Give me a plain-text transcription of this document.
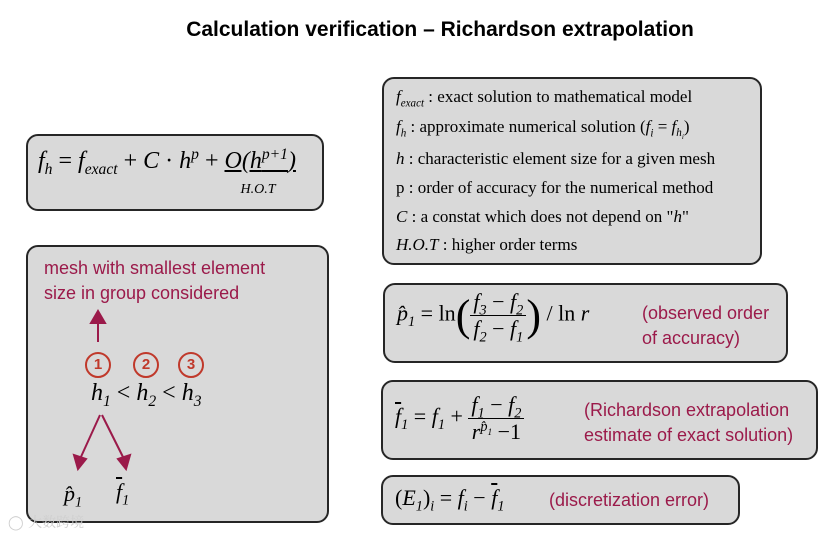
Calculation verification – Richardson extrapolation
$f_h = f_{exact} + C \cdot h^p + O(h^{p+1})$
H.O.T
$f_{exact}$ : exact solution to mathematical model
$f_h$ : approximate numerical solution $(f_i = f_{h_i})$
h : characteristic element size for a given mesh
p : order of accuracy for the numerical method
C : a constat which does not depend on "h"
H.O.T : higher order terms
mesh with smallest element
size in group considered
1	2	3
$h_1 < h_2 < h_3$
$p̂_1$ $\overline{f}_1$
$p̂_1 = \ln( \frac{f_3 - f_2}{f_2 - f_1}$ ) / ln r	(observed order
of accuracy)
$\overline{f}_1 = f_1 + \frac{f_1 - f_2}{r^{p̂_1} -1}$	(Richardson extrapolation
estimate of exact solution)
$(E_1)_i = f_i - \overline{f}_1$ (discretization error)
◯ 大数跨境
